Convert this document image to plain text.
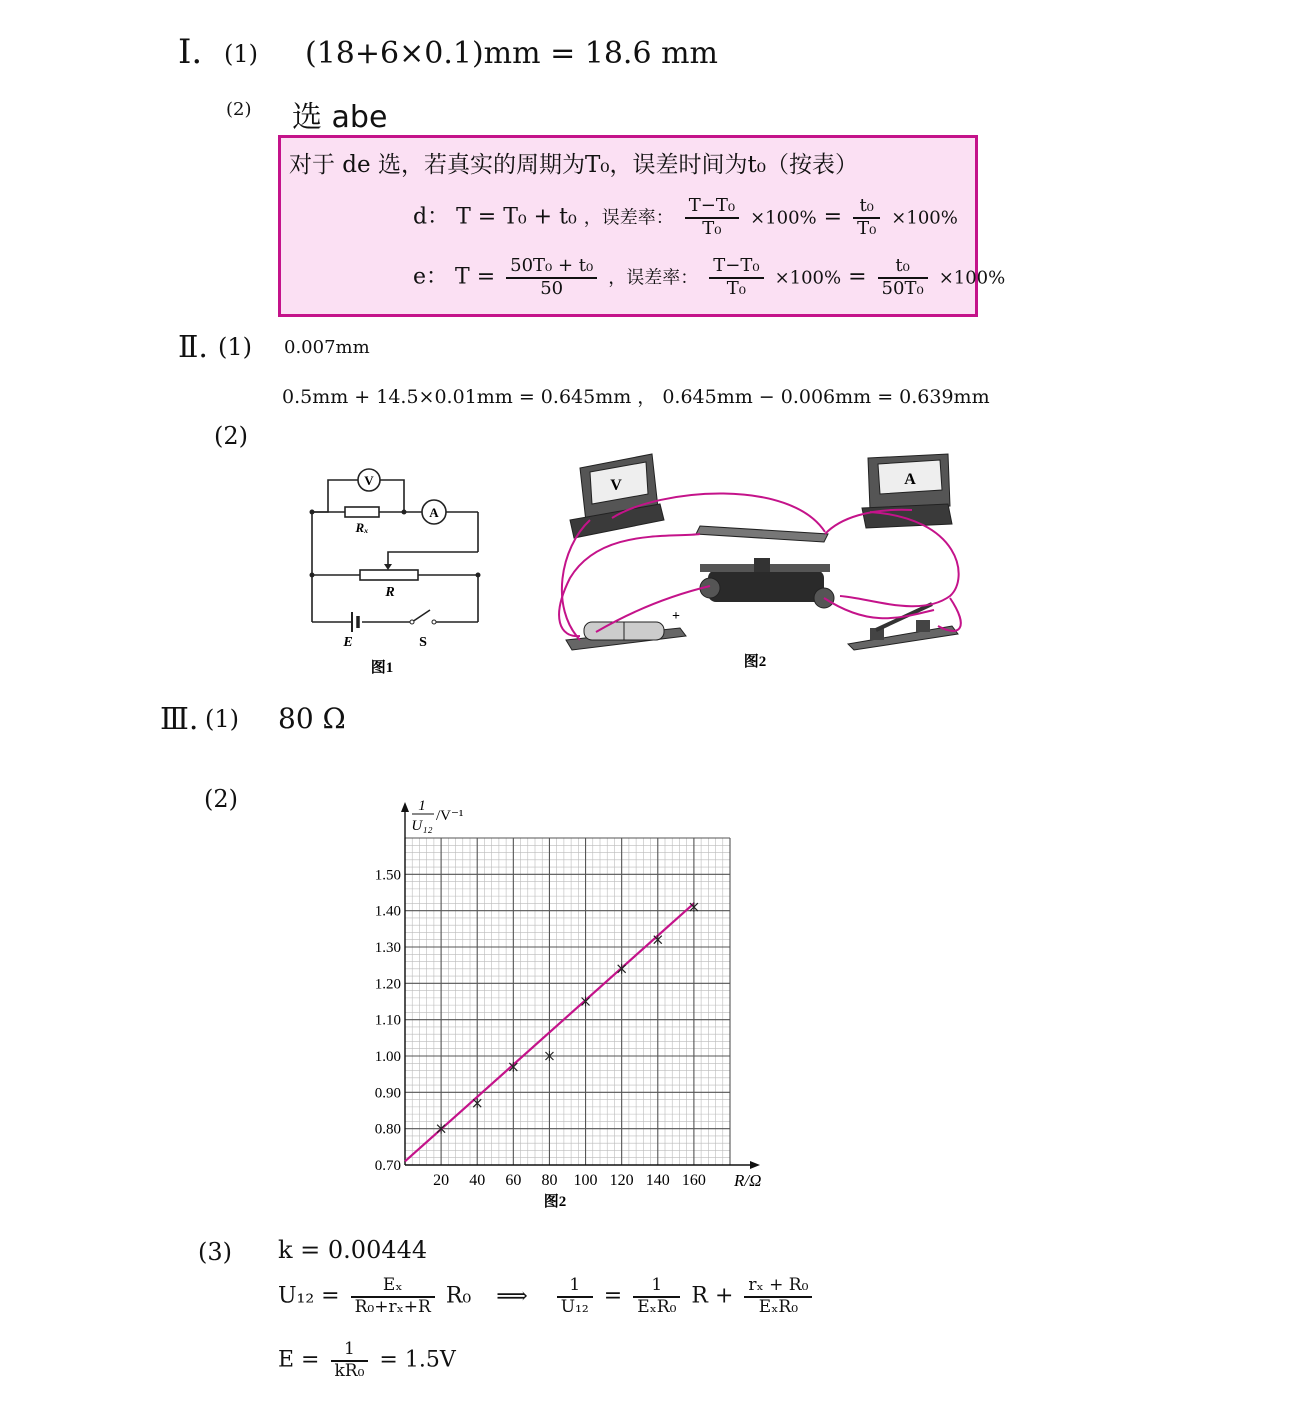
Ⅰ. (1) (18+6×0.1)mm = 18.6 mm
(2) 选 abe
对于 de 选，若真实的周期为T₀，误差时间为t₀（按表）
d： T = T₀ + t₀ ，误差率： $\frac{\text{T−T₀}}{\text{T₀}} \times 100\% = \frac{\text{t₀}}{\text{T₀}} \times 100\%$
e： $T = \frac{\text{50T₀ + t₀}}{50}$ ，误差率： $\frac{\text{T−T₀}}{\text{T₀}} \times 100\% = \frac{\text{t₀}}{\text{50T₀}} \times 100\%$
Ⅱ. (1) 0.007mm
0.5mm + 14.5×0.01mm = 0.645mm ， 0.645mm − 0.006mm = 0.639mm
(2)
V
A
Rₓ
R
E	S
图1
V	A
+
图2
Ⅲ. (1) 80 Ω
(2)
20 40 60 80 100 120 140 160
0.70
0.80
0.90
1.00
1.10
1.20
1.30
1.40
1.50
1
U₁₂
/V⁻¹
R/Ω
图2
(3) k = 0.00444
$U_{12} = \frac{\text{Eₓ}}{\text{R₀+rₓ+R}} R_0$ ⟹ $\frac{1}{\text{U₁₂}} = \frac{1}{\text{EₓR₀}}$ $R + \frac{\text{rₓ + R₀}}{\text{EₓR₀}}$
$E = \frac{1}{\text{kR₀}} = 1.5V$
